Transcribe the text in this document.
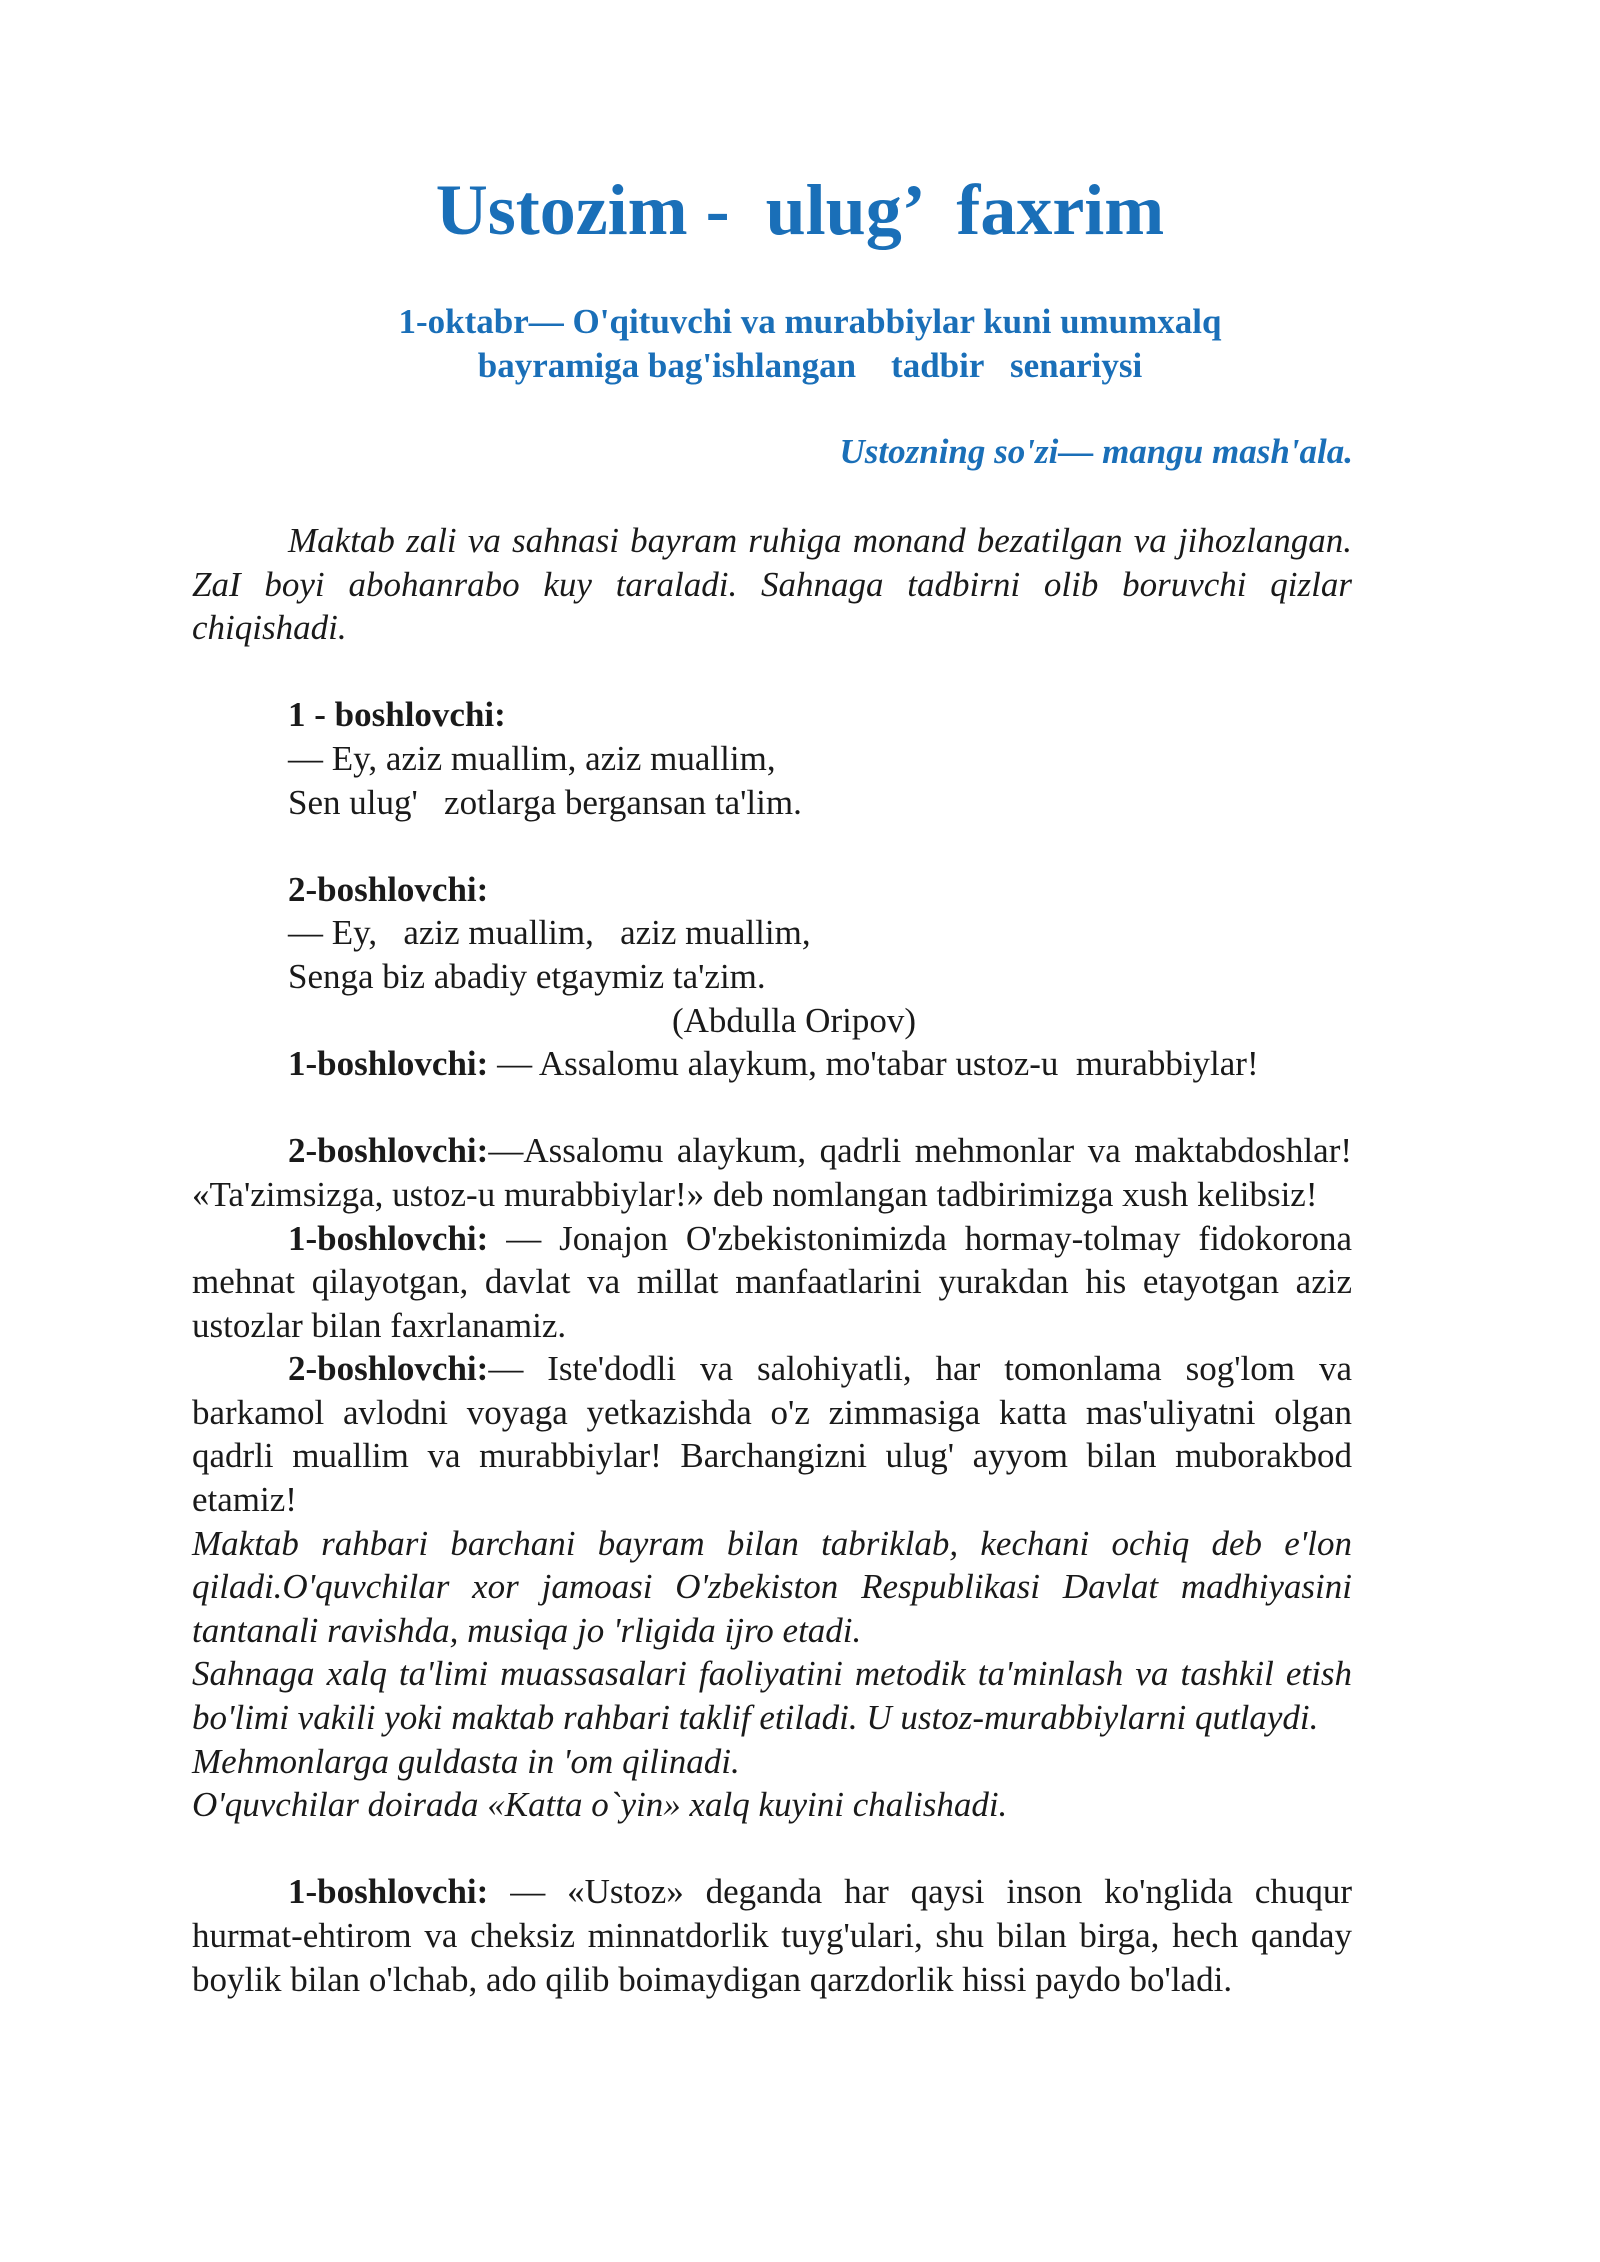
Ustozim -  ulug’  faxrim
1-oktabr— O'qituvchi va murabbiylar kuni umumxalq
bayramiga bag'ishlangan    tadbir   senariysi
Ustozning so'zi— mangu mash'ala.

Maktab zali va sahnasi bayram ruhiga monand bezatilgan va jihozlangan. ZaI boyi abohanrabo kuy taraladi. Sahnaga tadbirni olib boruvchi qizlar chiqishadi.

1 - boshlovchi:
— Ey, aziz muallim, aziz muallim,
Sen ulug'   zotlarga bergansan ta'lim.
2-boshlovchi:
— Ey,   aziz muallim,   aziz muallim,
Senga biz abadiy etgaymiz ta'zim.
(Abdulla Oripov)
1-boshlovchi: — Assalomu alaykum, mo'tabar ustoz-u  murabbiylar!

2-boshlovchi:—Assalomu alaykum, qadrli mehmonlar va maktabdoshlar! «Ta'zimsizga, ustoz-u murabbiylar!» deb nomlangan tadbirimizga xush kelibsiz!

1-boshlovchi: — Jonajon O'zbekistonimizda hormay-tolmay fidokorona mehnat qilayotgan, davlat va millat manfaatlarini yurakdan his etayotgan aziz ustozlar bilan faxrlanamiz.

2-boshlovchi:— Iste'dodli va salohiyatli, har tomonlama sog'lom va barkamol avlodni voyaga yetkazishda o'z zimmasiga katta mas'uliyatni olgan qadrli muallim va murabbiylar! Barchangizni ulug' ayyom bilan muborakbod etamiz!

Maktab rahbari barchani bayram bilan tabriklab, kechani ochiq deb e'lon qiladi.O'quvchilar xor jamoasi O'zbekiston Respublikasi Davlat madhiyasini tantanali ravishda, musiqa jo 'rligida ijro etadi.

Sahnaga xalq ta'limi muassasalari faoliyatini metodik ta'minlash va tashkil etish bo'limi vakili yoki maktab rahbari taklif etiladi. U ustoz-murabbiylarni qutlaydi.

Mehmonlarga guldasta in 'om qilinadi.

O'quvchilar doirada «Katta o`yin» xalq kuyini chalishadi.

1-boshlovchi: — «Ustoz» deganda har qaysi inson ko'nglida chuqur hurmat-ehtirom va cheksiz minnatdorlik tuyg'ulari, shu bilan birga, hech qanday boylik bilan o'lchab, ado qilib boimaydigan qarzdorlik hissi paydo bo'ladi.
